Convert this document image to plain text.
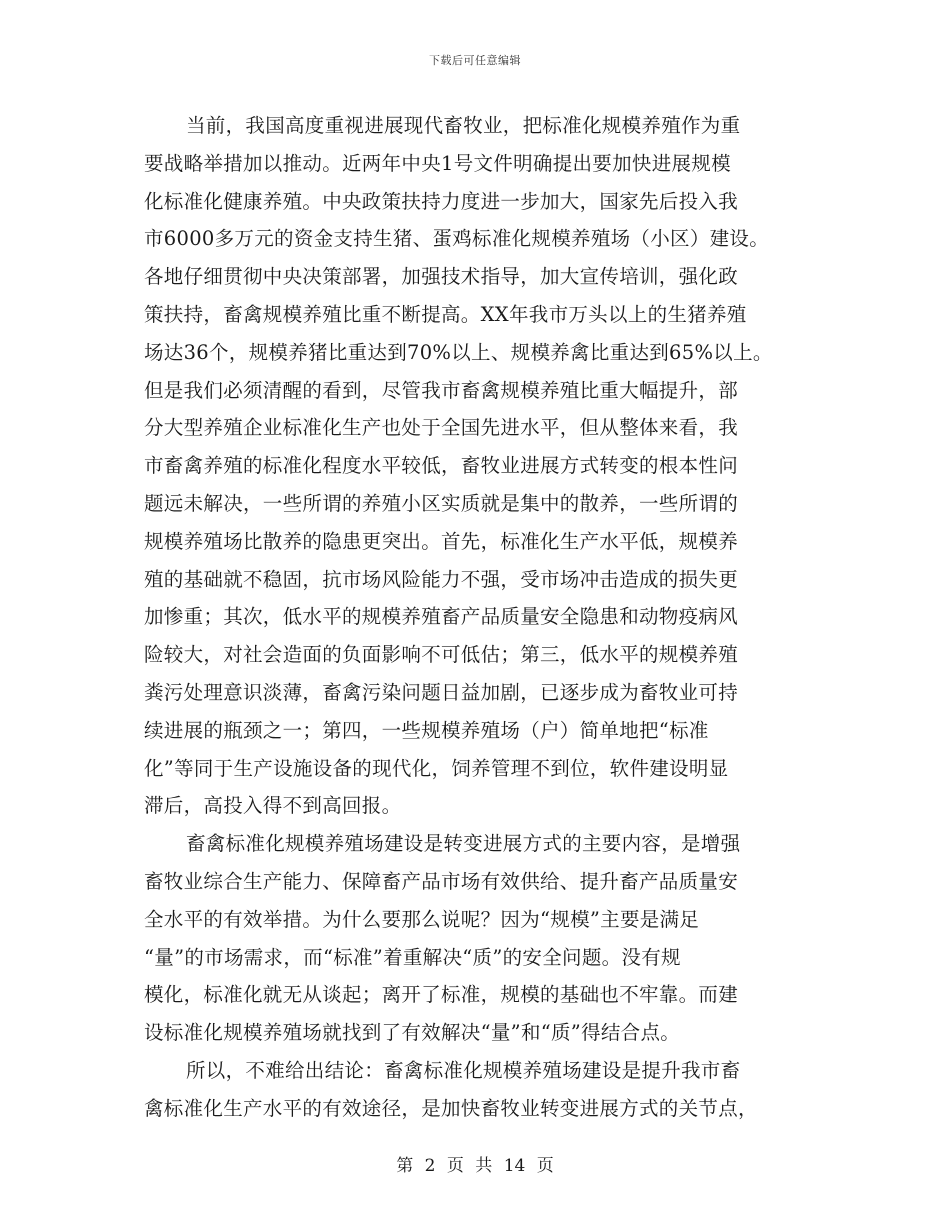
下载后可任意编辑
当前，我国高度重视进展现代畜牧业，把标准化规模养殖作为重
要战略举措加以推动。近两年中央1号文件明确提出要加快进展规模
化标准化健康养殖。中央政策扶持力度进一步加大，国家先后投入我
市6000多万元的资金支持生猪、蛋鸡标准化规模养殖场（小区）建设。
各地仔细贯彻中央决策部署，加强技术指导，加大宣传培训，强化政
策扶持，畜禽规模养殖比重不断提高。XX年我市万头以上的生猪养殖
场达36个，规模养猪比重达到70%以上、规模养禽比重达到65%以上。
但是我们必须清醒的看到，尽管我市畜禽规模养殖比重大幅提升，部
分大型养殖企业标准化生产也处于全国先进水平，但从整体来看，我
市畜禽养殖的标准化程度水平较低，畜牧业进展方式转变的根本性问
题远未解决，一些所谓的养殖小区实质就是集中的散养，一些所谓的
规模养殖场比散养的隐患更突出。首先，标准化生产水平低，规模养
殖的基础就不稳固，抗市场风险能力不强，受市场冲击造成的损失更
加惨重；其次，低水平的规模养殖畜产品质量安全隐患和动物疫病风
险较大，对社会造面的负面影响不可低估；第三，低水平的规模养殖
粪污处理意识淡薄，畜禽污染问题日益加剧，已逐步成为畜牧业可持
续进展的瓶颈之一；第四，一些规模养殖场（户）简单地把“标准
化”等同于生产设施设备的现代化，饲养管理不到位，软件建设明显
滞后，高投入得不到高回报。
畜禽标准化规模养殖场建设是转变进展方式的主要内容，是增强
畜牧业综合生产能力、保障畜产品市场有效供给、提升畜产品质量安
全水平的有效举措。为什么要那么说呢？因为“规模”主要是满足
“量”的市场需求，而“标准”着重解决“质”的安全问题。没有规
模化，标准化就无从谈起；离开了标准，规模的基础也不牢靠。而建
设标准化规模养殖场就找到了有效解决“量”和“质”得结合点。
所以，不难给出结论：畜禽标准化规模养殖场建设是提升我市畜
禽标准化生产水平的有效途径，是加快畜牧业转变进展方式的关节点，
第 2 页 共 14 页
